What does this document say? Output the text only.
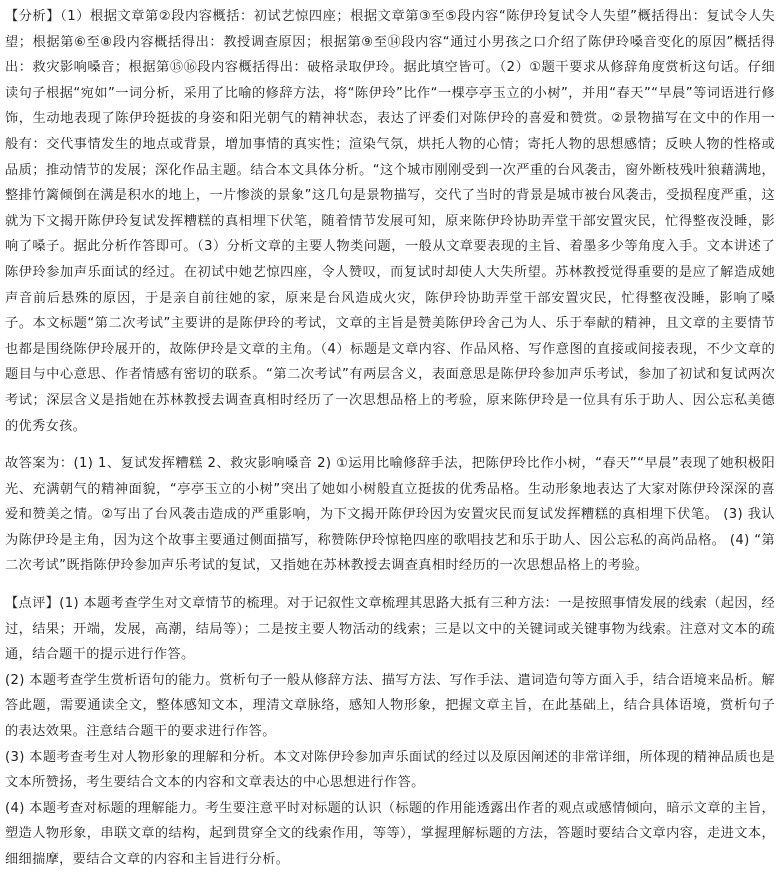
【分析】（1）根据文章第②段内容概括：初试艺惊四座；根据文章第③至⑤段内容“陈伊玲复试令人失望”概括得出：复试令人失望；根据第⑥至⑧段内容概括得出：教授调查原因；根据第⑨至⑭段内容“通过小男孩之口介绍了陈伊玲嗓音变化的原因”概括得出：救灾影响嗓音；根据第⑮⑯段内容概括得出：破格录取伊玲。据此填空皆可。（2）①题干要求从修辞角度赏析这句话。仔细读句子根据“宛如”一词分析，采用了比喻的修辞方法，将“陈伊玲”比作“一棵亭亭玉立的小树”，并用“春天”“早晨”等词语进行修饰，生动地表现了陈伊玲挺拔的身姿和阳光朝气的精神状态，表达了评委们对陈伊玲的喜爱和赞赏。②景物描写在文中的作用一般有：交代事情发生的地点或背景，增加事情的真实性；渲染气氛，烘托人物的心情；寄托人物的思想感情；反映人物的性格或品质；推动情节的发展；深化作品主题。结合本文具体分析。“这个城市刚刚受到一次严重的台风袭击，窗外断枝残叶狼藉满地，整排竹篱倾倒在满是积水的地上，一片惨淡的景象”这几句是景物描写，交代了当时的背景是城市被台风袭击，受损程度严重，这就为下文揭开陈伊玲复试发挥糟糕的真相埋下伏笔，随着情节发展可知，原来陈伊玲协助弄堂干部安置灾民，忙得整夜没睡，影响了嗓子。据此分析作答即可。（3）分析文章的主要人物类问题，一般从文章要表现的主旨、着墨多少等角度入手。文本讲述了陈伊玲参加声乐面试的经过。在初试中她艺惊四座，令人赞叹，而复试时却使人大失所望。苏林教授觉得重要的是应了解造成她声音前后悬殊的原因，于是亲自前往她的家，原来是台风造成火灾，陈伊玲协助弄堂干部安置灾民，忙得整夜没睡，影响了嗓子。本文标题“第二次考试”主要讲的是陈伊玲的考试，文章的主旨是赞美陈伊玲舍己为人、乐于奉献的精神，且文章的主要情节也都是围绕陈伊玲展开的，故陈伊玲是文章的主角。（4）标题是文章内容、作品风格、写作意图的直接或间接表现，不少文章的题目与中心意思、作者情感有密切的联系。“第二次考试”有两层含义，表面意思是陈伊玲参加声乐考试，参加了初试和复试两次考试；深层含义是指她在苏林教授去调查真相时经历了一次思想品格上的考验，原来陈伊玲是一位具有乐于助人、因公忘私美德的优秀女孩。

故答案为：(1) 1、复试发挥糟糕 2、救灾影响嗓音 2) ①运用比喻修辞手法，把陈伊玲比作小树，“春天”“早晨”表现了她积极阳光、充满朝气的精神面貌，“亭亭玉立的小树”突出了她如小树般直立挺拔的优秀品格。生动形象地表达了大家对陈伊玲深深的喜爱和赞美之情。②写出了台风袭击造成的严重影响，为下文揭开陈伊玲因为安置灾民而复试发挥糟糕的真相埋下伏笔。 (3) 我认为陈伊玲是主角，因为这个故事主要通过侧面描写，称赞陈伊玲惊艳四座的歌唱技艺和乐于助人、因公忘私的高尚品格。 (4) “第二次考试”既指陈伊玲参加声乐考试的复试，又指她在苏林教授去调查真相时经历的一次思想品格上的考验。

【点评】(1) 本题考查学生对文章情节的梳理。对于记叙性文章梳理其思路大抵有三种方法：一是按照事情发展的线索（起因，经过，结果；开端，发展，高潮，结局等）；二是按主要人物活动的线索；三是以文中的关键词或关键事物为线索。注意对文本的疏通，结合题干的提示进行作答。

(2) 本题考查学生赏析语句的能力。赏析句子一般从修辞方法、描写方法、写作手法、遣词造句等方面入手，结合语境来品析。解答此题，需要通读全文，整体感知文本，理清文章脉络，感知人物形象，把握文章主旨，在此基础上，结合具体语境，赏析句子的表达效果。注意结合题干的要求进行作答。

(3) 本题考查考生对人物形象的理解和分析。本文对陈伊玲参加声乐面试的经过以及原因阐述的非常详细，所体现的精神品质也是文本所赞扬，考生要结合文本的内容和文章表达的中心思想进行作答。

(4) 本题考查对标题的理解能力。考生要注意平时对标题的认识（标题的作用能透露出作者的观点或感情倾向，暗示文章的主旨，塑造人物形象，串联文章的结构，起到贯穿全文的线索作用，等等），掌握理解标题的方法，答题时要结合文章内容，走进文本，细细揣摩，要结合文章的内容和主旨进行分析。
